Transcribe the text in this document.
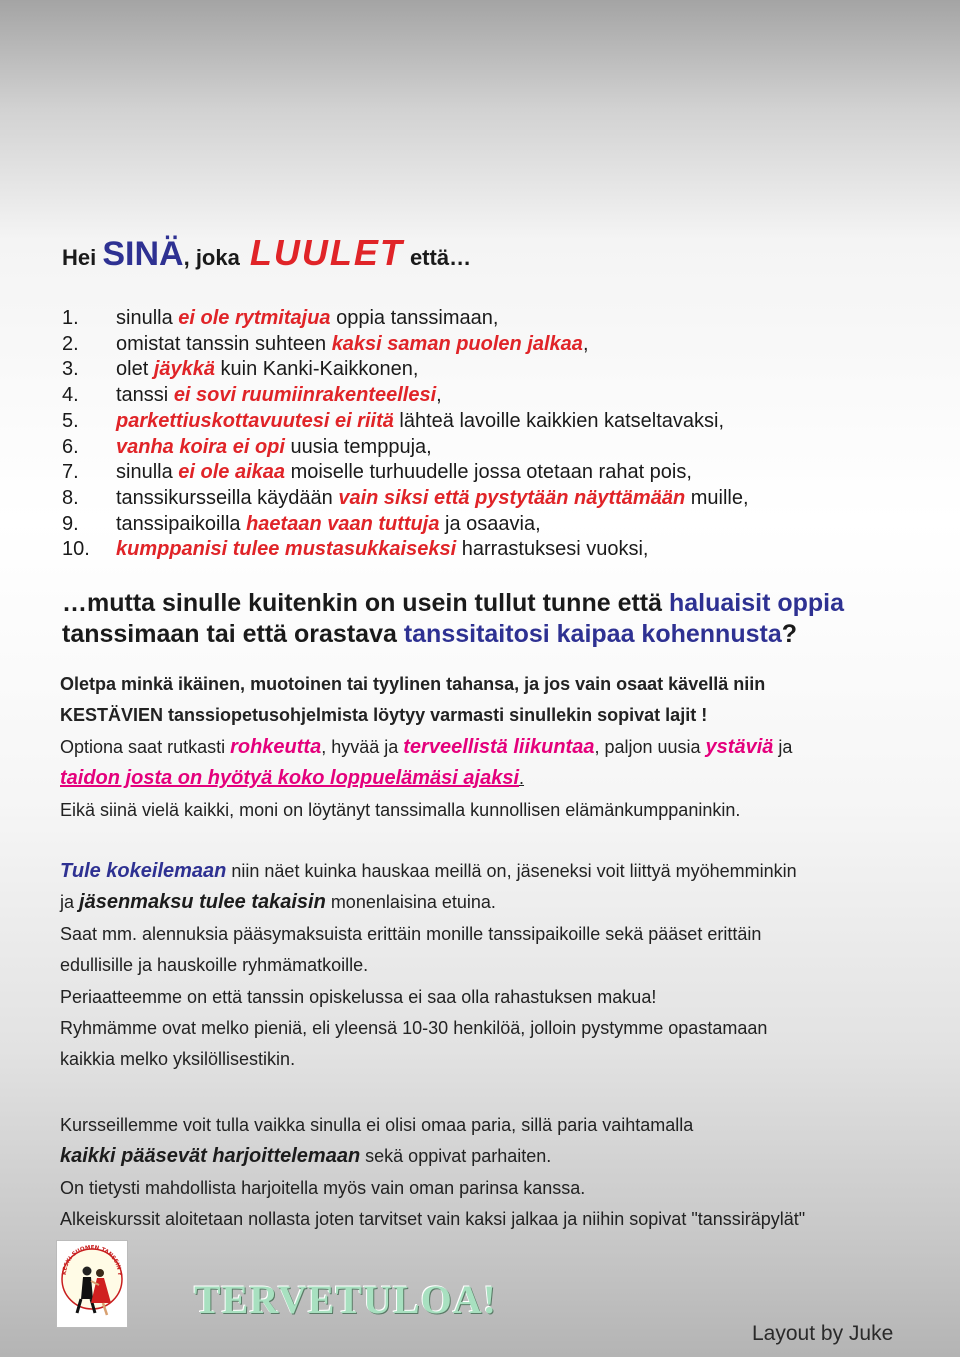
Hei SINÄ, joka LUULET että…
1. sinulla ei ole rytmitajua oppia tanssimaan,
2. omistat tanssin suhteen kaksi saman puolen jalkaa,
3. olet jäykkä kuin Kanki-Kaikkonen,
4. tanssi ei sovi ruumiinrakenteellesi,
5. parkettiuskottavuutesi ei riitä lähteä lavoille kaikkien katseltavaksi,
6. vanha koira ei opi uusia temppuja,
7. sinulla ei ole aikaa moiselle turhuudelle jossa otetaan rahat pois,
8. tanssikursseilla käydään vain siksi että pystytään näyttämään muille,
9. tanssipaikoilla haetaan vaan tuttuja ja osaavia,
10. kumppanisi tulee mustasukkaiseksi harrastuksesi vuoksi,
…mutta sinulle kuitenkin on usein tullut tunne että haluaisit oppia
tanssimaan tai että orastava tanssitaitosi kaipaa kohennusta?
Oletpa minkä ikäinen, muotoinen tai tyylinen tahansa, ja jos vain osaat kävellä niin
KESTÄVIEN tanssiopetusohjelmista löytyy varmasti sinullekin sopivat lajit !
Optiona saat rutkasti rohkeutta, hyvää ja terveellistä liikuntaa, paljon uusia ystäviä ja
taidon josta on hyötyä koko loppuelämäsi ajaksi.
Eikä siinä vielä kaikki, moni on löytänyt tanssimalla kunnollisen elämänkumppaninkin.
Tule kokeilemaan niin näet kuinka hauskaa meillä on, jäseneksi voit liittyä myöhemminkin
ja jäsenmaksu tulee takaisin monenlaisina etuina.
Saat mm. alennuksia pääsymaksuista erittäin monille tanssipaikoille sekä pääset erittäin
edullisille ja hauskoille ryhmämatkoille.
Periaatteemme on että tanssin opiskelussa ei saa olla rahastuksen makua!
Ryhmämme ovat melko pieniä, eli yleensä 10-30 henkilöä, jolloin pystymme opastamaan
kaikkia melko yksilöllisestikin.
Kursseillemme voit tulla vaikka sinulla ei olisi omaa paria, sillä paria vaihtamalla
kaikki pääsevät harjoittelemaan sekä oppivat parhaiten.
On tietysti mahdollista harjoitella myös vain oman parinsa kanssa.
Alkeiskurssit aloitetaan nollasta joten tarvitset vain kaksi jalkaa ja niihin sopivat "tanssiräpylät"
KESKI-SUOMEN TANSSIN Y
TERVETULOA!
Layout by Juke
